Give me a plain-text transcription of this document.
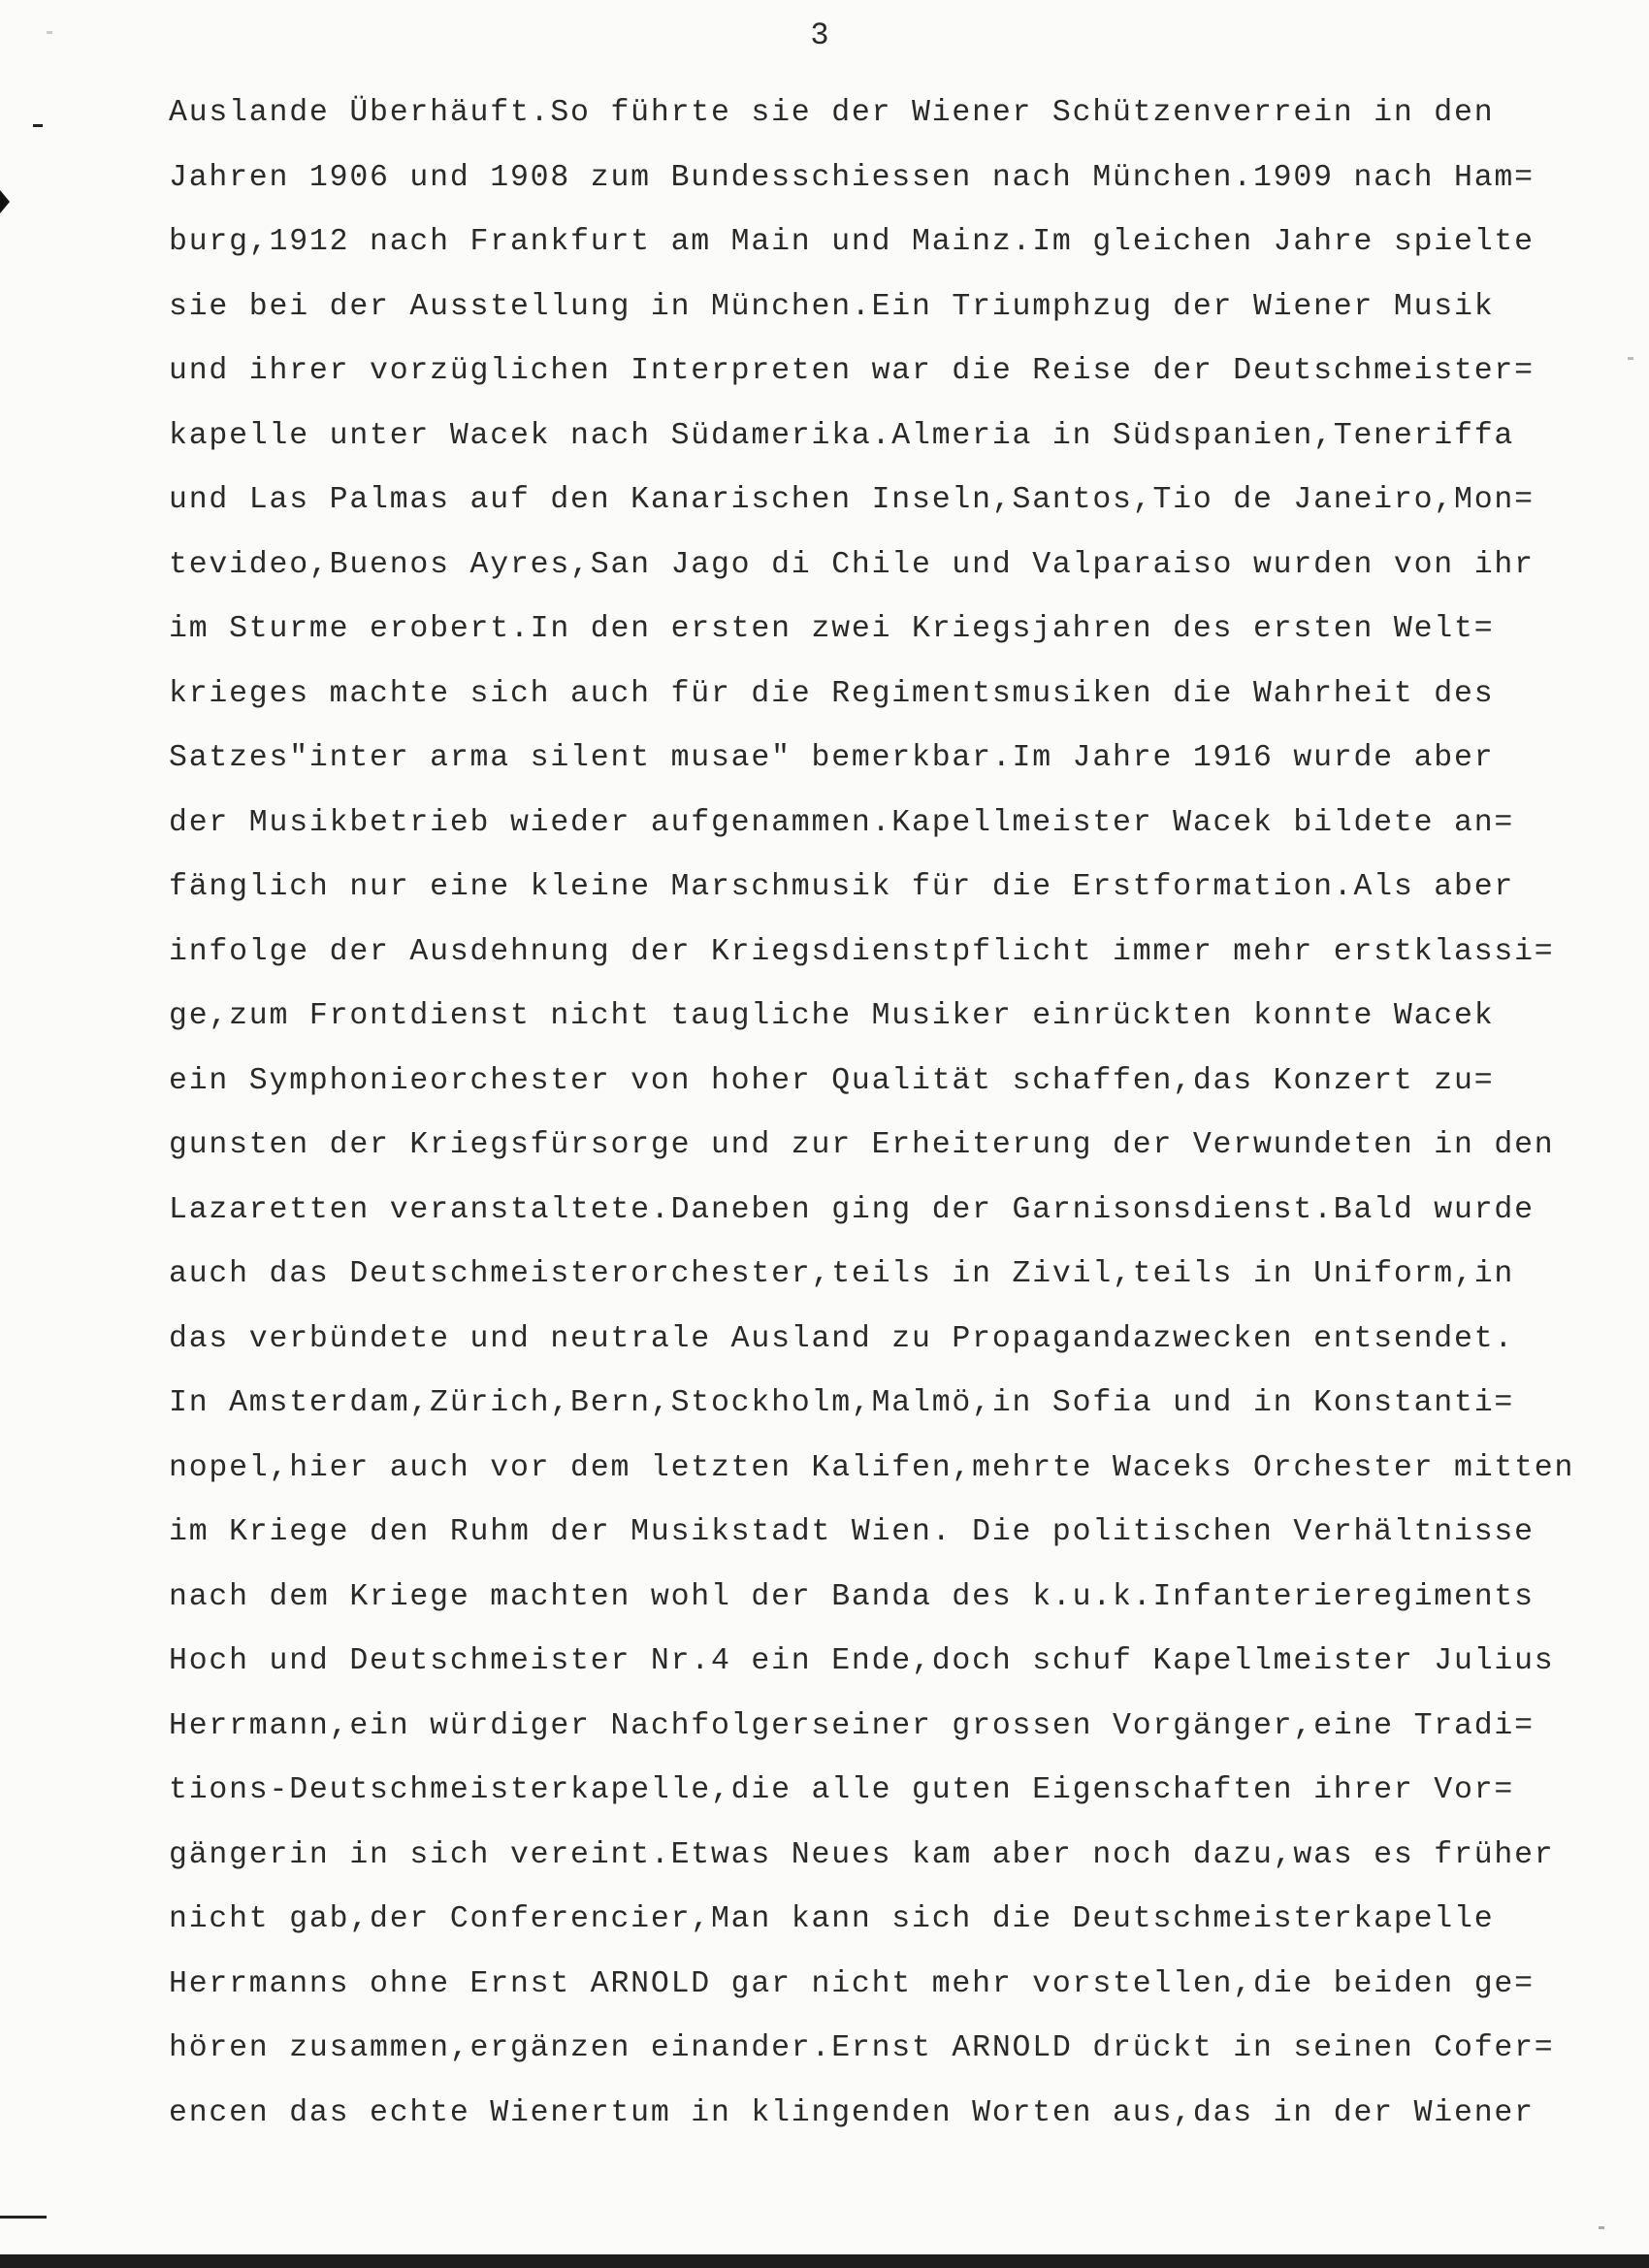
3
Auslande Überhäuft.So führte sie der Wiener Schützenverrein in den
Jahren 1906 und 1908 zum Bundesschiessen nach München.1909 nach Ham=
burg,1912 nach Frankfurt am Main und Mainz.Im gleichen Jahre spielte
sie bei der Ausstellung in München.Ein Triumphzug der Wiener Musik
und ihrer vorzüglichen Interpreten war die Reise der Deutschmeister=
kapelle unter Wacek nach Südamerika.Almeria in Südspanien,Teneriffa
und Las Palmas auf den Kanarischen Inseln,Santos,Tio de Janeiro,Mon=
tevideo,Buenos Ayres,San Jago di Chile und Valparaiso wurden von ihr
im Sturme erobert.In den ersten zwei Kriegsjahren des ersten Welt=
krieges machte sich auch für die Regimentsmusiken die Wahrheit des
Satzes"inter arma silent musae" bemerkbar.Im Jahre 1916 wurde aber
der Musikbetrieb wieder aufgenammen.Kapellmeister Wacek bildete an=
fänglich nur eine kleine Marschmusik für die Erstformation.Als aber
infolge der Ausdehnung der Kriegsdienstpflicht immer mehr erstklassi=
ge,zum Frontdienst nicht taugliche Musiker einrückten konnte Wacek
ein Symphonieorchester von hoher Qualität schaffen,das Konzert zu=
gunsten der Kriegsfürsorge und zur Erheiterung der Verwundeten in den
Lazaretten veranstaltete.Daneben ging der Garnisonsdienst.Bald wurde
auch das Deutschmeisterorchester,teils in Zivil,teils in Uniform,in
das verbündete und neutrale Ausland zu Propagandazwecken entsendet.
In Amsterdam,Zürich,Bern,Stockholm,Malmö,in Sofia und in Konstanti=
nopel,hier auch vor dem letzten Kalifen,mehrte Waceks Orchester mitten
im Kriege den Ruhm der Musikstadt Wien. Die politischen Verhältnisse
nach dem Kriege machten wohl der Banda des k.u.k.Infanterieregiments
Hoch und Deutschmeister Nr.4 ein Ende,doch schuf Kapellmeister Julius
Herrmann,ein würdiger Nachfolgerseiner grossen Vorgänger,eine Tradi=
tions-Deutschmeisterkapelle,die alle guten Eigenschaften ihrer Vor=
gängerin in sich vereint.Etwas Neues kam aber noch dazu,was es früher
nicht gab,der Conferencier,Man kann sich die Deutschmeisterkapelle
Herrmanns ohne Ernst ARNOLD gar nicht mehr vorstellen,die beiden ge=
hören zusammen,ergänzen einander.Ernst ARNOLD drückt in seinen Cofer=
encen das echte Wienertum in klingenden Worten aus,das in der Wiener
